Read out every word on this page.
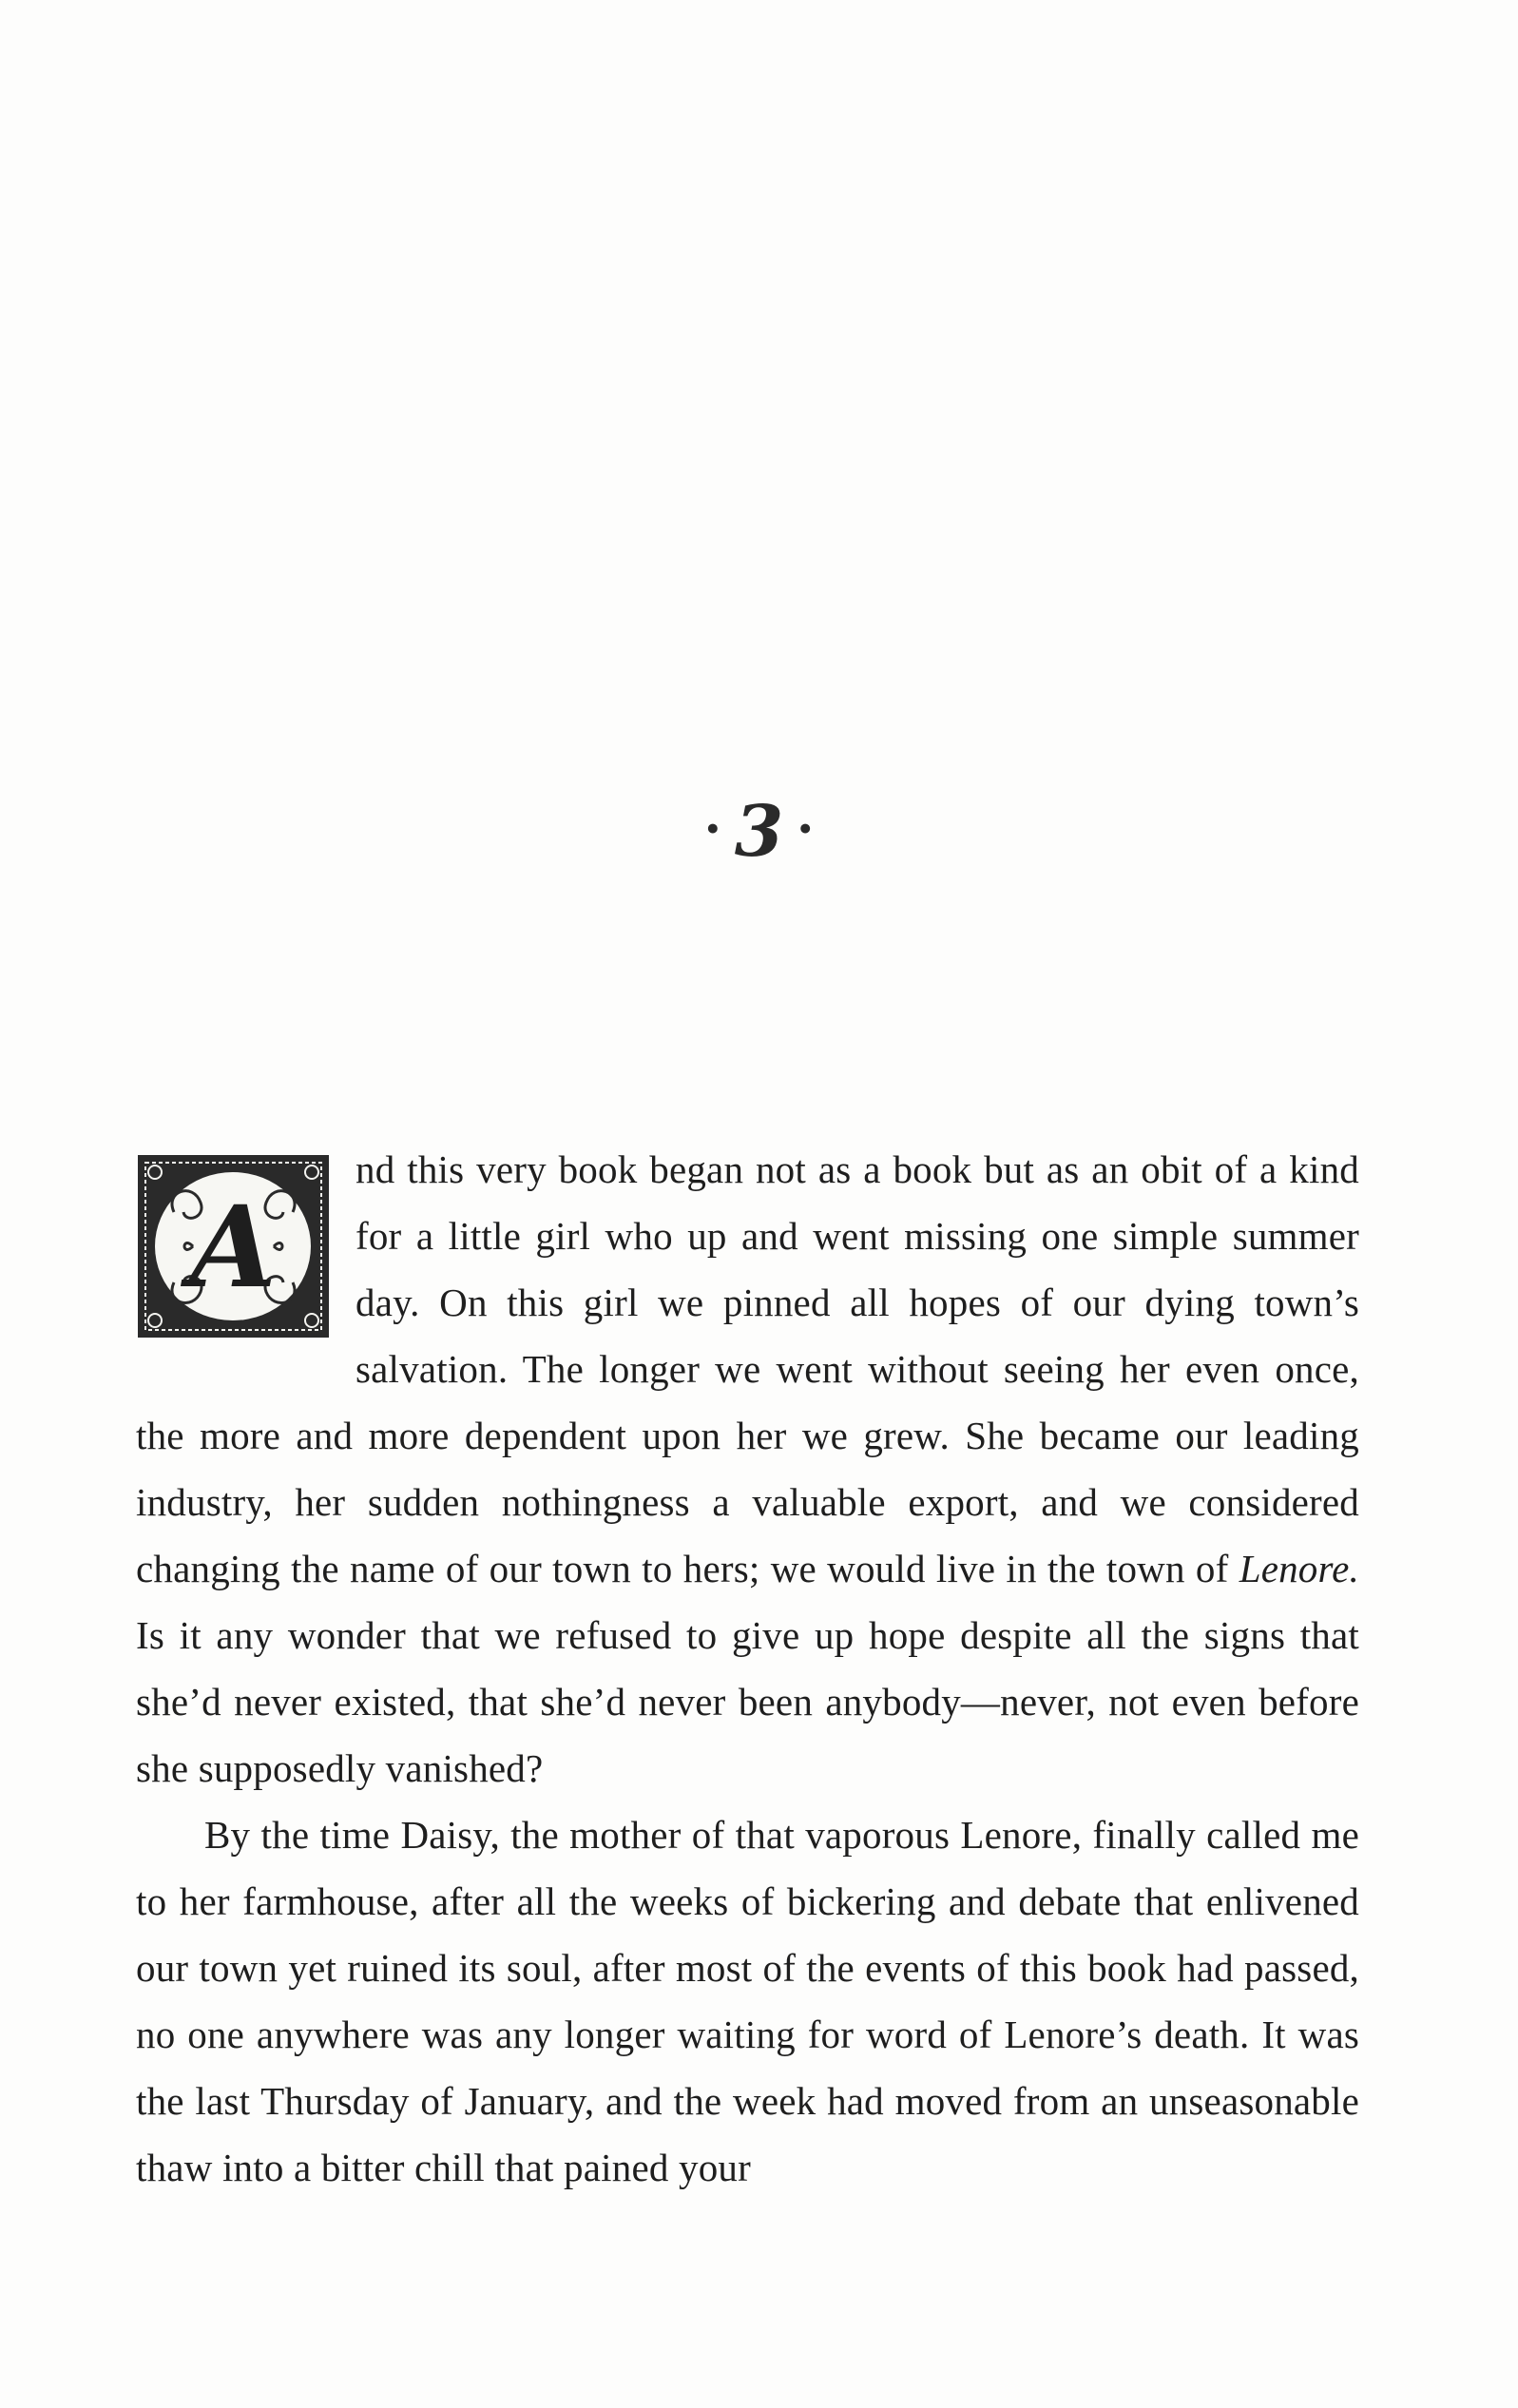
• 3 •

A
nd this very book began not as a book but as an obit of a kind for a little girl who up and went missing one simple summer day. On this girl we pinned all hopes of our dying town’s salvation. The longer we went without seeing her even once, the more and more dependent upon her we grew. She became our leading industry, her sudden nothingness a valuable export, and we considered changing the name of our town to hers; we would live in the town of Lenore. Is it any wonder that we refused to give up hope despite all the signs that she’d never existed, that she’d never been anybody—never, not even before she supposedly vanished?

By the time Daisy, the mother of that vaporous Lenore, finally called me to her farmhouse, after all the weeks of bickering and debate that enlivened our town yet ruined its soul, after most of the events of this book had passed, no one anywhere was any longer waiting for word of Lenore’s death. It was the last Thursday of January, and the week had moved from an unseasonable thaw into a bitter chill that pained your
